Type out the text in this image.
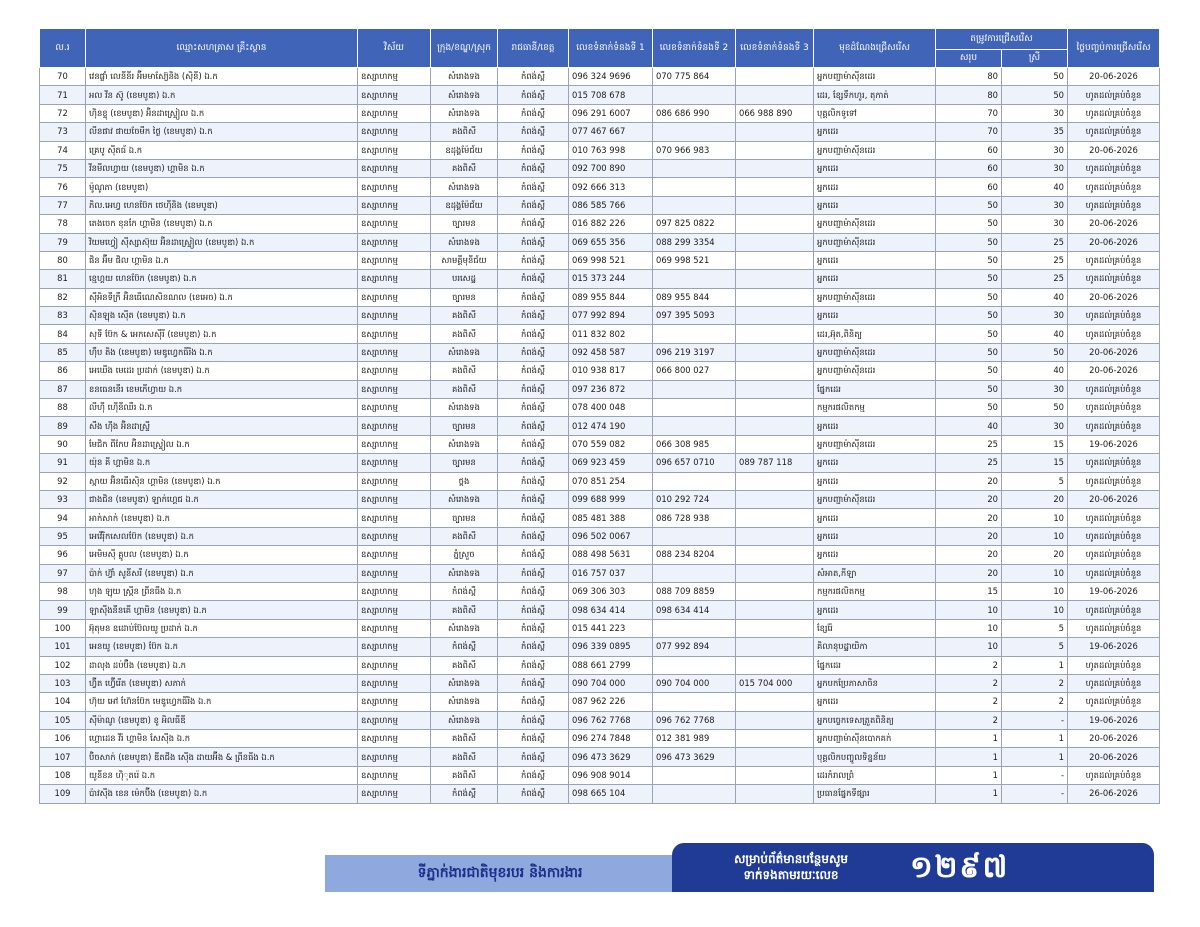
ល.រ	ឈ្មោះសហគ្រាស គ្រឹះស្ថាន	វិស័យ	ក្រុង/ខណ្ឌ/ស្រុក	រាជធានី/ខេត្ត	លេខទំនាក់ទំនងទី 1	លេខទំនាក់ទំនងទី 2	លេខទំនាក់ទំនងទី 3	មុខដំណែងជ្រើសរើស	តម្រូវការជ្រើសរើស		ថ្ងៃបញ្ចប់ការជ្រើសរើស
									សរុប	ស្រី	
70	វេនផ្លាំ លេនីនីរ អ៊ីមមាស្យ៊ែនិង (ស៊ិនី) ឯ.ក	ឧស្សាហកម្ម	សំរោងទង	កំពង់ស្ពឺ	096 324 9696	070 775 864		អ្នកបញ្ជាម៉ាស៊ីនដេរ	80	50	20-06-2026
71	អល វីន ស៊ូ (ខេមបូឌា) ឯ.ក	ឧស្សាហកម្ម	សំរោងទង	កំពង់ស្ពឺ	015 708 678			ដេរ, ខ្សែទឹកហូរ, តុកាត់	80	50	ហូតដល់គ្រប់ចំនួន
72	ហ៊ិនខ្ទុ (ខេមបូឌា) អ៊ិនដាស្ទ្រៀល ឯ.ក	ឧស្សាហកម្ម	សំរោងទង	កំពង់ស្ពឺ	096 291 6007	086 686 990	066 988 890	បុគ្គលិកទូទៅ	70	30	ហូតដល់គ្រប់ចំនួន
73	លីនផាវ ផាយចែមីក ថ្ងៃ (ខេមបូឌា) ឯ.ក	ឧស្សាហកម្ម	គងពិសី	កំពង់ស្ពឺ	077 467 667			អ្នកដេរ	70	35	ហូតដល់គ្រប់ចំនួន
74	គ្រេបូ ស៊ីតធ័ ឯ.ក	ឧស្សាហកម្ម	ឧដុង្គម៉ែជ័យ	កំពង់ស្ពឺ	010 763 998	070 966 983		អ្នកបញ្ជាម៉ាស៊ីនដេរ	60	30	20-06-2026
75	វីនមីលហ្វាយ (ខេមបូឌា) ហ្គាមិន ឯ.ក	ឧស្សាហកម្ម	គងពិសី	កំពង់ស្ពឺ	092 700 890			អ្នកដេរ	60	30	ហូតដល់គ្រប់ចំនួន
76	ម៉ូណូភា (ខេមបូឌា)	ឧស្សាហកម្ម	សំរោងទង	កំពង់ស្ពឺ	092 666 313			អ្នកដេរ	60	40	ហូតដល់គ្រប់ចំនួន
77	ភិល.អេហ្វ ហេនប៊ែក ថេហ៊ីនិង (ខេមបូឌា)	ឧស្សាហកម្ម	ឧដុង្គម៉ែជ័យ	កំពង់ស្ពឺ	086 585 766			អ្នកដេរ	50	30	ហូតដល់គ្រប់ចំនួន
78	តេងចេក ខុនកែ ហ្គាមិន (ខេមបូឌា) ឯ.ក	ឧស្សាហកម្ម	ច្បារមន	កំពង់ស្ពឺ	016 882 226	097 825 0822		អ្នកបញ្ជាម៉ាស៊ីនដេរ	50	30	20-06-2026
79	វិយមហ្វៀ ស៊ីស្សាស៊ុយ អ៊ិនដាស្ទ្រៀល (ខេមបូឌា) ឯ.ក	ឧស្សាហកម្ម	សំរោងទង	កំពង់ស្ពឺ	069 655 356	088 299 3354		អ្នកបញ្ជាម៉ាស៊ីនដេរ	50	25	20-06-2026
80	ផិន អ៊ីម ផិល ហ្គាមិន ឯ.ក	ឧស្សាហកម្ម	សាមគ្គីមុនីជ័យ	កំពង់ស្ពឺ	069 998 521	069 998 521		អ្នកដេរ	50	25	ហូតដល់គ្រប់ចំនួន
81	ខ្មេហ្គយ ហេនប៊ែក (ខេមបូឌា) ឯ.ក	ឧស្សាហកម្ម	បរសេដ្ឋ	កំពង់ស្ពឺ	015 373 244			អ្នកដេរ	50	25	ហូតដល់គ្រប់ចំនួន
82	ស៊ីអិនទីក្រឺ អ៊ិនធើណេសិនណល (ខេអេច) ឯ.ក	ឧស្សាហកម្ម	ច្បារមន	កំពង់ស្ពឺ	089 955 844	089 955 844		អ្នកបញ្ជាម៉ាស៊ីនដេរ	50	40	20-06-2026
83	ស៊ិនឡុង ស៊ើត (ខេមបូឌា) ឯ.ក	ឧស្សាហកម្ម	គងពិសី	កំពង់ស្ពឺ	077 992 894	097 395 5093		អ្នកដេរ	50	30	ហូតដល់គ្រប់ចំនួន
84	សុទី ប៊ែក & អេកសេស៊ីរី (ខេមបូឌា) ឯ.ក	ឧស្សាហកម្ម	គងពិសី	កំពង់ស្ពឺ	011 832 802			ដេរ,អ៊ុត,ពិនិត្យ	50	40	ហូតដល់គ្រប់ចំនួន
85	ហ៊ឺប តិង (ខេមបូឌា) មេឌូហ្វេកធីរិង ឯ.ក	ឧស្សាហកម្ម	សំរោងទង	កំពង់ស្ពឺ	092 458 587	096 219 3197		អ្នកបញ្ជាម៉ាស៊ីនដេរ	50	50	20-06-2026
86	អេឃើង មេដេរ ប្រដាក់ (ខេមបូឌា) ឯ.ក	ឧស្សាហកម្ម	គងពិសី	កំពង់ស្ពឺ	010 938 817	066 800 027		អ្នកបញ្ជាម៉ាស៊ីនដេរ	50	40	20-06-2026
87	ខនធេននើរ ខេមភើហ្វាយ ឯ.ក	ឧស្សាហកម្ម	គងពិសី	កំពង់ស្ពឺ	097 236 872			ផ្នែកដេរ	50	30	ហូតដល់គ្រប់ចំនួន
88	លីហ៊ី ហ៊ើនីឈឺរ ឯ.ក	ឧស្សាហកម្ម	សំរោងទង	កំពង់ស្ពឺ	078 400 048			កម្មករផលិតកម្ម	50	50	ហូតដល់គ្រប់ចំនួន
89	សឹង ហ៊ីង អ៊ិនដាស្ទ្រី	ឧស្សាហកម្ម	ច្បារមន	កំពង់ស្ពឺ	012 474 190			អ្នកដេរ	40	30	ហូតដល់គ្រប់ចំនួន
90	មែជិក ពីកែប អ៊ិនដាស្ទ្រៀល ឯ.ក	ឧស្សាហកម្ម	សំរោងទង	កំពង់ស្ពឺ	070 559 082	066 308 985		អ្នកបញ្ជាម៉ាស៊ីនដេរ	25	15	19-06-2026
91	យ៉ុន គី ហ្គាមិន ឯ.ក	ឧស្សាហកម្ម	ច្បារមន	កំពង់ស្ពឺ	069 923 459	096 657 0710	089 787 118	អ្នកដេរ	25	15	ហូតដល់គ្រប់ចំនួន
92	ស្កាយ អ៊ិនធើរស៊ិន ហ្គាមិន (ខេមបូឌា) ឯ.ក	ឧស្សាហកម្ម	ថ្ពង	កំពង់ស្ពឺ	070 851 254			អ្នកដេរ	20	5	ហូតដល់គ្រប់ចំនួន
93	ជាងជិន (ខេមបូឌា) ឡាក់ហ្គេជ ឯ.ក	ឧស្សាហកម្ម	សំរោងទង	កំពង់ស្ពឺ	099 688 999	010 292 724		អ្នកបញ្ជាម៉ាស៊ីនដេរ	20	20	20-06-2026
94	អាក់សាក់ (ខេមបូឌា) ឯ.ក	ឧស្សាហកម្ម	ច្បារមន	កំពង់ស្ពឺ	085 481 388	086 728 938		អ្នកដេរ	20	10	ហូតដល់គ្រប់ចំនួន
95	អេវើរ៉ិកសេលប៊ែក (ខេមបូឌា) ឯ.ក	ឧស្សាហកម្ម	គងពិសី	កំពង់ស្ពឺ	096 502 0067			អ្នកដេរ	20	10	ហូតដល់គ្រប់ចំនួន
96	អេមិមស៊ី គ្លូបល (ខេមបូឌា) ឯ.ក	ឧស្សាហកម្ម	ភ្នំស្រួច	កំពង់ស្ពឺ	088 498 5631	088 234 8204		អ្នកដេរ	20	20	ហូតដល់គ្រប់ចំនួន
97	ប៉ាក់ ហ្វ៊ាំ សូនីសរី (ខេមបូឌា) ឯ.ក	ឧស្សាហកម្ម	សំរោងទង	កំពង់ស្ពឺ	016 757 037			សំអាត,កីឡា	20	10	ហូតដល់គ្រប់ចំនួន
98	ហុង ឡុយ ស្ព្រីន ព្រីនធីង ឯ.ក	ឧស្សាហកម្ម	កំពង់ស្ពឺ	កំពង់ស្ពឺ	069 306 303	088 709 8859		កម្មករផលិតកម្ម	15	10	19-06-2026
99	ឡាស៊ីងនីនគើ ហ្គាមិន (ខេមបូឌា) ឯ.ក	ឧស្សាហកម្ម	គងពិសី	កំពង់ស្ពឺ	098 634 414	098 634 414		អ្នកដេរ	10	10	ហូតដល់គ្រប់ចំនួន
100	អ៊ុតុមន ឧដោប់ប៊ែលយូ ប្រដាក់ ឯ.ក	ឧស្សាហកម្ម	សំរោងទង	កំពង់ស្ពឺ	015 441 223			ខ្សែរ៉ែ	10	5	ហូតដល់គ្រប់ចំនួន
101	អេនយូ (ខេមបូឌា) ប៊ែក ឯ.ក	ឧស្សាហកម្ម	កំពង់ស្ពឺ	កំពង់ស្ពឺ	096 339 0895	077 992 894		គិលានុបដ្ឋាយិកា	10	5	19-06-2026
102	ដាលុង ដប់ប៊ឺង (ខេមបូឌា) ឯ.ក	ឧស្សាហកម្ម	គងពិសី	កំពង់ស្ពឺ	088 661 2799			ផ្នែកដេរ	2	1	ហូតដល់គ្រប់ចំនួន
103	ហ្វ៊ីត ហ្វ៊ើរើត (ខេមបូឌា) សភាក់	ឧស្សាហកម្ម	សំរោងទង	កំពង់ស្ពឺ	090 704 000	090 704 000	015 704 000	អ្នកបកប្រែភាសាចិន	2	2	ហូតដល់គ្រប់ចំនួន
104	ហ៊ុយ អៅ ហ៊ែនប៊ែក មេឌូហ្វេកធីរិង ឯ.ក	ឧស្សាហកម្ម	សំរោងទង	កំពង់ស្ពឺ	087 962 226			អ្នកដេរ	2	2	ហូតដល់គ្រប់ចំនួន
105	ស៊ីម៉ាណូ (ខេមបូឌា) ខូ អិលធីឌី	ឧស្សាហកម្ម	សំរោងទង	កំពង់ស្ពឺ	096 762 7768	096 762 7768		អ្នកបច្ចេកទេសត្រួតពិនិត្យ	2	-	19-06-2026
106	ហ្គោដេន វីរ៉ ហ្គាមិន សែស៊ីង ឯ.ក	ឧស្សាហកម្ម	គងពិសី	កំពង់ស្ពឺ	096 274 7848	012 381 989		អ្នកបញ្ជាម៉ាស៊ីនបោកគក់	1	1	20-06-2026
107	ប៊ិចសាក់ (ខេមបូឌា) ឌីតជីង ស៊ើង ដាយអ៊ីង & ព្រីនធីង ឯ.ក	ឧស្សាហកម្ម	គងពិសី	កំពង់ស្ពឺ	096 473 3629	096 473 3629		បុគ្គលិកបញ្ចូលទិន្នន័យ	1	1	20-06-2026
108	យូនីខន ហ៊ិុតរ៉េ ឯ.ក	ឧស្សាហកម្ម	គងពិសី	កំពង់ស្ពឺ	096 908 9014			ដេរកំរាលព្រំ	1	-	ហូតដល់គ្រប់ចំនួន
109	ប៉ាវស៊ីង ខេន ម៉េកប៊ីង (ខេមបូឌា) ឯ.ក	ឧស្សាហកម្ម	កំពង់ស្ពឺ	កំពង់ស្ពឺ	098 665 104			ប្រធានផ្នែកទីផ្សារ	1	-	26-06-2026
ទីភ្នាក់ងារជាតិមុខរបរ និងការងារ
សម្រាប់ព័ត៌មានបន្ថែមសូម
ទាក់ទងតាមរយៈលេខ	១២៩៧
